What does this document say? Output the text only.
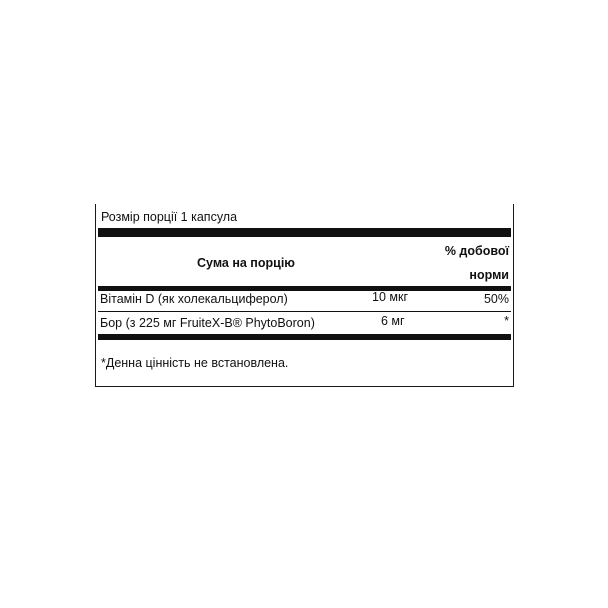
Розмір порції 1 капсула
Сума на порцію
% добової
норми
Вітамін D (як холекальциферол)	10 мкг	50%
Бор (з 225 мг FruiteX-B® PhytoBoron)	6 мг	*
*Денна цінність не встановлена.
